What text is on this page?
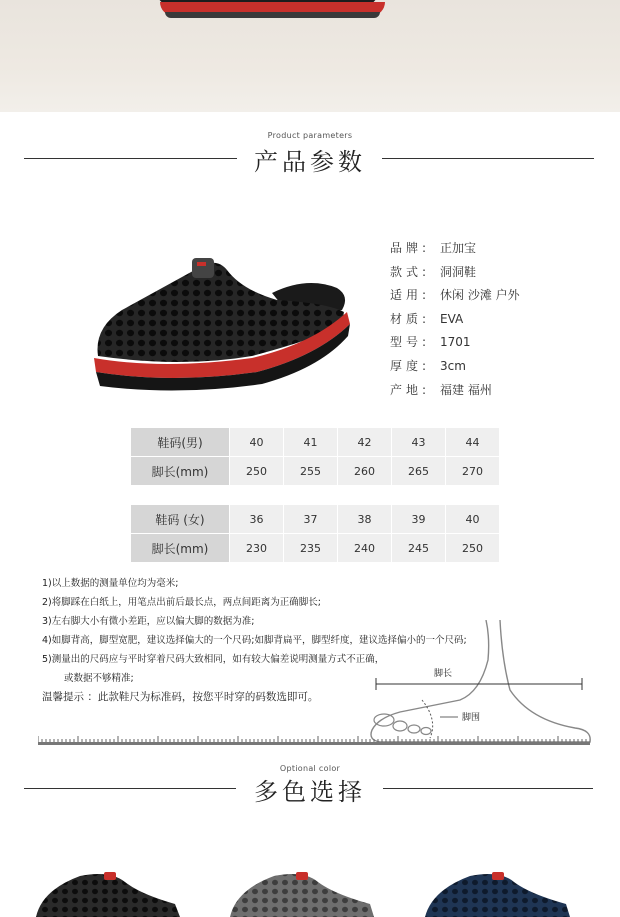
Product parameters
产品参数
品牌: 正加宝
款式: 洞洞鞋
适用: 休闲 沙滩 户外
材质: EVA
型号: 1701
厚度: 3cm
产地: 福建 福州
鞋码(男)	40	41	42	43	44
脚长(mm)	250	255	260	265	270
鞋码 (女)	36	37	38	39	40
脚长(mm)	230	235	240	245	250
1)以上数据的测量单位均为毫米;
2)将脚踩在白纸上，用笔点出前后最长点，两点间距离为正确脚长;
3)左右脚大小有微小差距，应以偏大脚的数据为准;
4)如脚背高，脚型宽肥，建议选择偏大的一个尺码;如脚背扁平，脚型纤度，建议选择偏小的一个尺码;
5)测量出的尺码应与平时穿着尺码大致相同，如有较大偏差说明测量方式不正确，
或数据不够精准;
温馨提示 ：此款鞋尺为标准码，按您平时穿的码数选即可。
脚长
脚围
Optional color
多色选择
